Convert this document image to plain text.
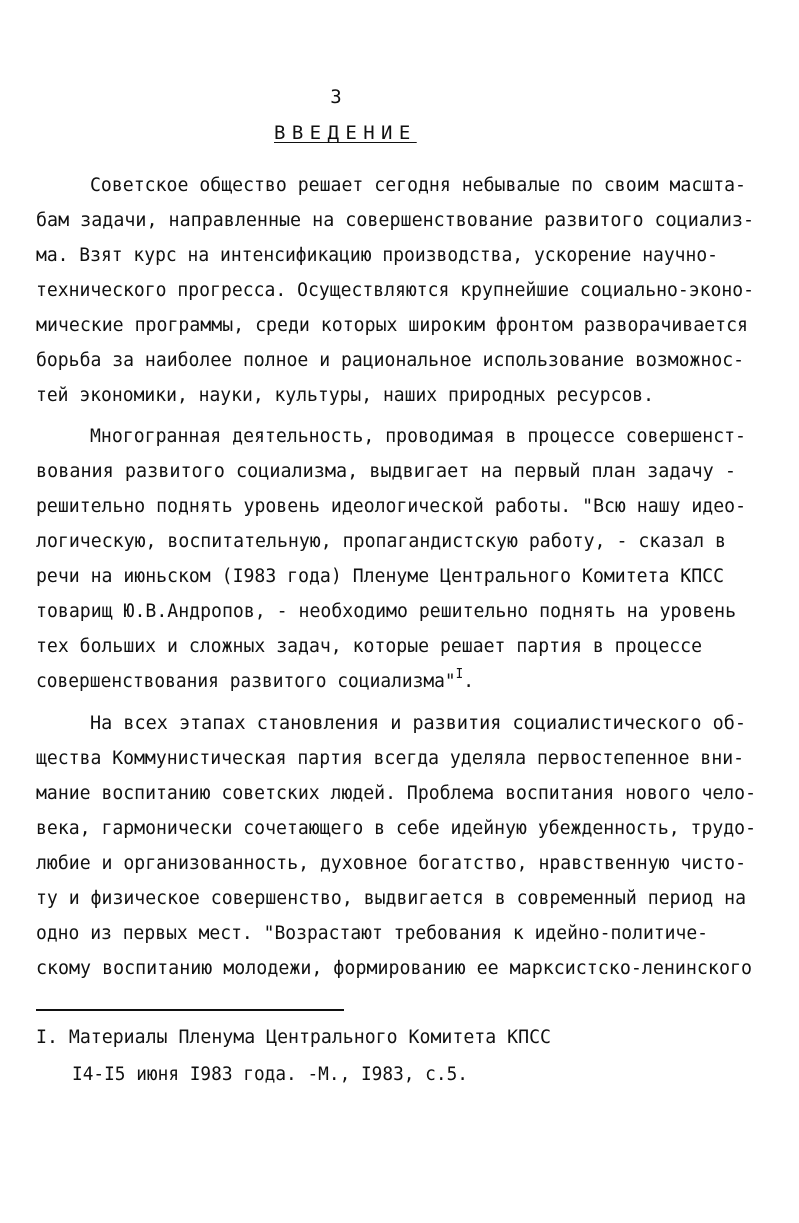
3
ВВЕДЕНИЕ
Советское общество решает сегодня небывалые по своим масшта-
бам задачи, направленные на совершенствование развитого социализ-
ма. Взят курс на интенсификацию производства, ускорение научно-
технического прогресса. Осуществляются крупнейшие социально-эконо-
мические программы, среди которых широким фронтом разворачивается
борьба за наиболее полное и рациональное использование возможнос-
тей экономики, науки, культуры, наших природных ресурсов.
Многогранная деятельность, проводимая в процессе совершенст-
вования развитого социализма, выдвигает на первый план задачу -
решительно поднять уровень идеологической работы. "Всю нашу идео-
логическую, воспитательную, пропагандистскую работу, - сказал в
речи на июньском (I983 года) Пленуме Центрального Комитета КПСС
товарищ Ю.В.Андропов, - необходимо решительно поднять на уровень
тех больших и сложных задач, которые решает партия в процессе
совершенствования развитого социализма"$^I$.
На всех этапах становления и развития социалистического об-
щества Коммунистическая партия всегда уделяла первостепенное вни-
мание воспитанию советских людей. Проблема воспитания нового чело-
века, гармонически сочетающего в себе идейную убежденность, трудо-
любие и организованность, духовное богатство, нравственную чисто-
ту и физическое совершенство, выдвигается в современный период на
одно из первых мест. "Возрастают требования к идейно-политиче-
скому воспитанию молодежи, формированию ее марксистско-ленинского
I. Материалы Пленума Центрального Комитета КПСС
I4-I5 июня I983 года. -М., I983, с.5.
